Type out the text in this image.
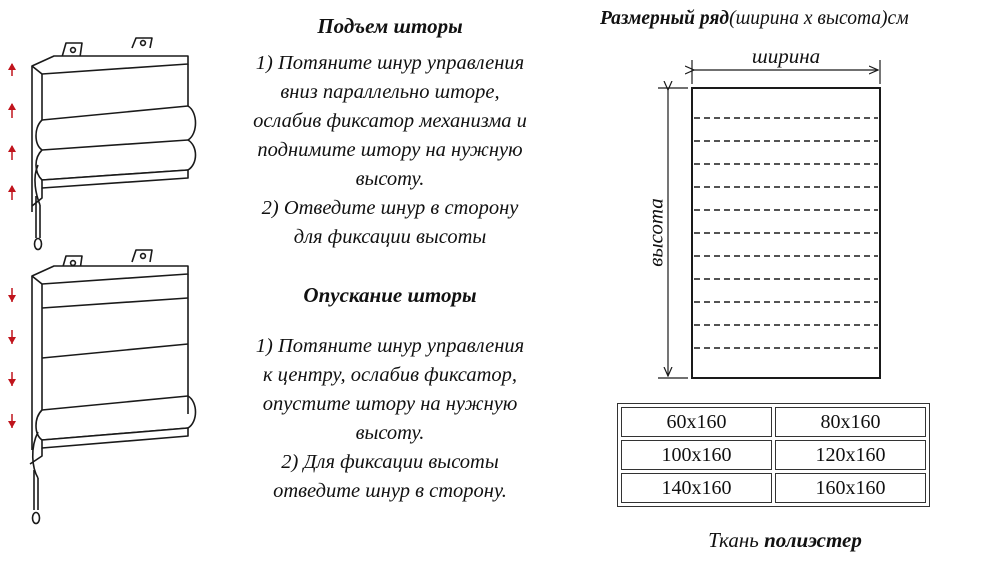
Подъем шторы
1) Потяните шнур управления
вниз параллельно шторе,
ослабив фиксатор механизма и
поднимите штору на нужную
высоту.
2) Отведите шнур в сторону
для фиксации высоты
Опускание шторы
1) Потяните шнур управления
к центру, ослабив фиксатор,
опустите штору на нужную
высоту.
2) Для фиксации высоты
отведите шнур в сторону.
Размерный ряд(ширина х высота)см
ширина
высота
60х160	80х160
100х160	120х160
140х160	160х160
Ткань полиэстер
